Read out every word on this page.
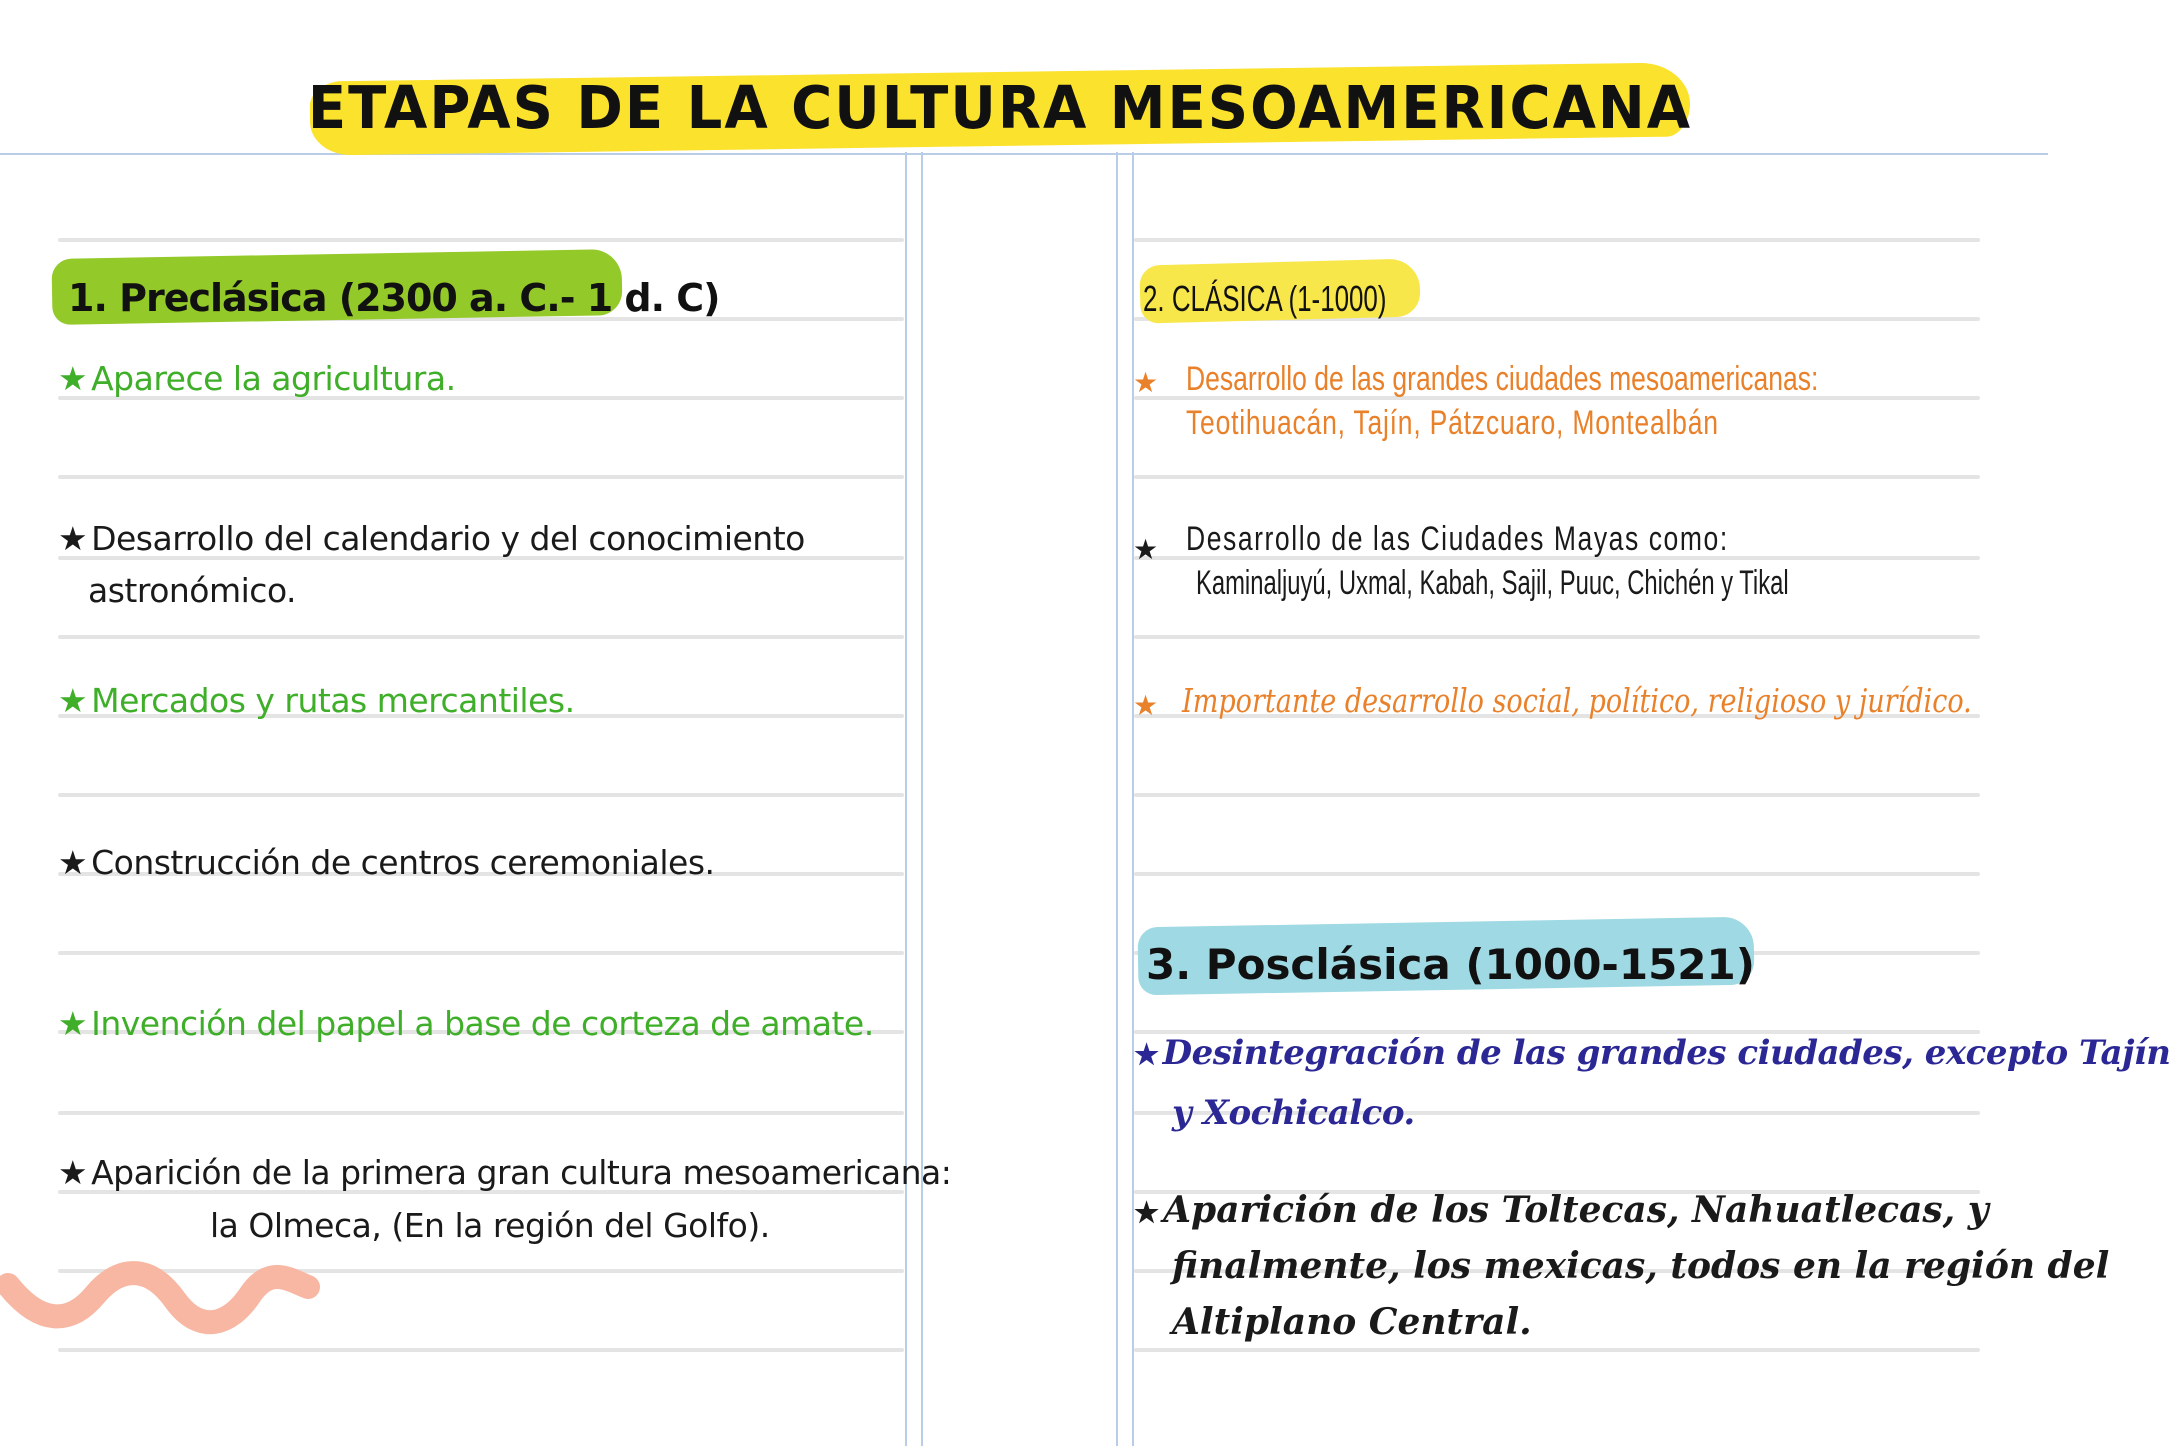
ETAPAS DE LA CULTURA MESOAMERICANA
1. Preclásica (2300 a. C.- 1 d. C)
★ Aparece la agricultura.
★ Desarrollo del calendario y del conocimiento
astronómico.
★ Mercados y rutas mercantiles.
★ Construcción de centros ceremoniales.
★ Invención del papel a base de corteza de amate.
★ Aparición de la primera gran cultura mesoamericana:
la Olmeca, (En la región del Golfo).
2. CLÁSICA (1-1000)
★ Desarrollo de las grandes ciudades mesoamericanas:
Teotihuacán, Tajín, Pátzcuaro, Montealbán
★ Desarrollo de las Ciudades Mayas como:
Kaminaljuyú, Uxmal, Kabah, Sajil, Puuc, Chichén y Tikal
★ Importante desarrollo social, político, religioso y jurídico.
3. Posclásica (1000-1521)
★ Desintegración de las grandes ciudades, excepto Tajín
y Xochicalco.
★ Aparición de los Toltecas, Nahuatlecas, y
finalmente, los mexicas, todos en la región del
Altiplano Central.
